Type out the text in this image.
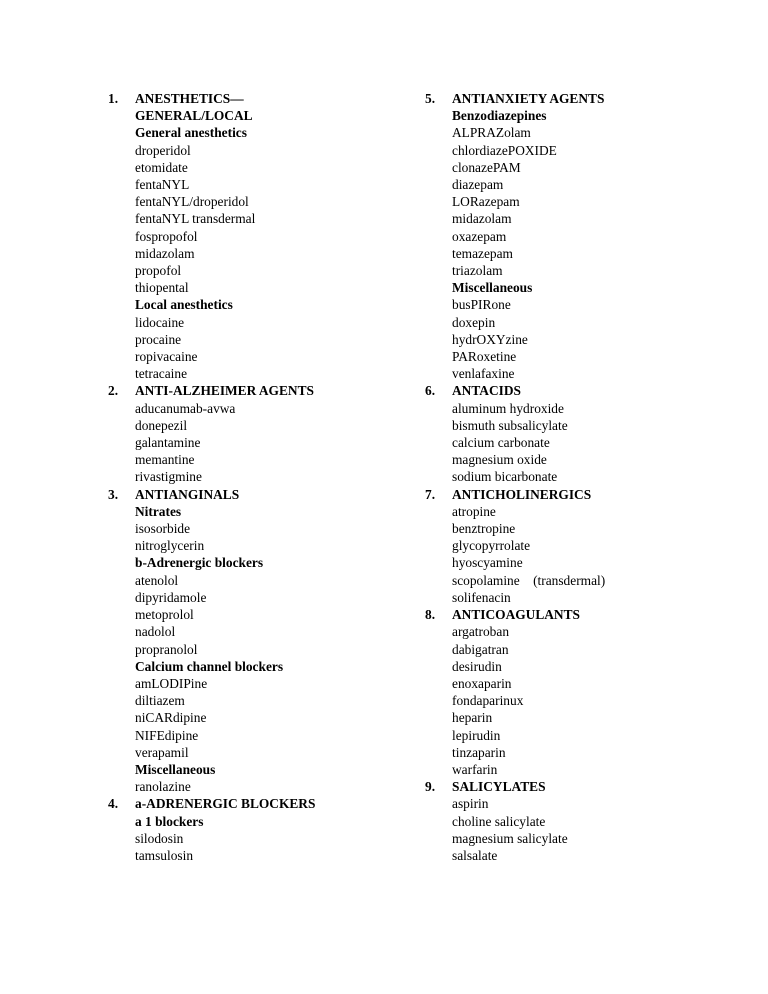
1.	ANESTHETICS—
GENERAL/LOCAL
General anesthetics
droperidol
etomidate
fentaNYL
fentaNYL/droperidol
fentaNYL transdermal
fospropofol
midazolam
propofol
thiopental
Local anesthetics
lidocaine
procaine
ropivacaine
tetracaine
2.	ANTI-ALZHEIMER AGENTS
aducanumab-avwa
donepezil
galantamine
memantine
rivastigmine
3.	ANTIANGINALS
Nitrates
isosorbide
nitroglycerin
b-Adrenergic blockers
atenolol
dipyridamole
metoprolol
nadolol
propranolol
Calcium channel blockers
amLODIPine
diltiazem
niCARdipine
NIFEdipine
verapamil
Miscellaneous
ranolazine
4.	a-ADRENERGIC BLOCKERS
a 1 blockers
silodosin
tamsulosin
5.	ANTIANXIETY AGENTS
Benzodiazepines
ALPRAZolam
chlordiazePOXIDE
clonazePAM
diazepam
LORazepam
midazolam
oxazepam
temazepam
triazolam
Miscellaneous
busPIRone
doxepin
hydrOXYzine
PARoxetine
venlafaxine
6.	ANTACIDS
aluminum hydroxide
bismuth subsalicylate
calcium carbonate
magnesium oxide
sodium bicarbonate
7.	ANTICHOLINERGICS
atropine
benztropine
glycopyrrolate
hyoscyamine
scopolamine    (transdermal)
solifenacin
8.	ANTICOAGULANTS
argatroban
dabigatran
desirudin
enoxaparin
fondaparinux
heparin
lepirudin
tinzaparin
warfarin
9.	SALICYLATES
aspirin
choline salicylate
magnesium salicylate
salsalate
